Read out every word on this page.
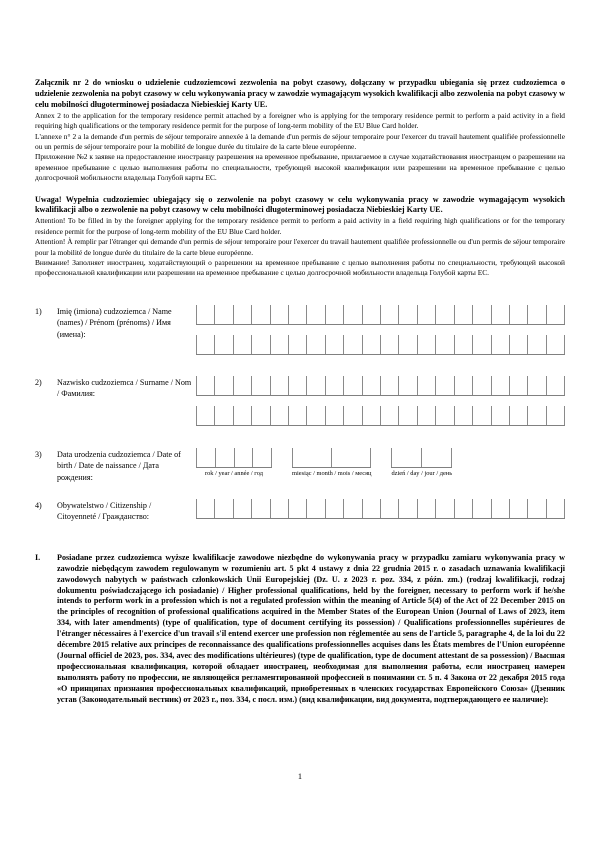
Załącznik nr 2 do wniosku o udzielenie cudzoziemcowi zezwolenia na pobyt czasowy, dołączany w przypadku ubiegania się przez cudzoziemca o udzielenie zezwolenia na pobyt czasowy w celu wykonywania pracy w zawodzie wymagającym wysokich kwalifikacji albo zezwolenia na pobyt czasowy w celu mobilności długoterminowej posiadacza Niebieskiej Karty UE.

Annex 2 to the application for the temporary residence permit attached by a foreigner who is applying for the temporary residence permit to perform a paid activity in a field requiring high qualifications or the temporary residence permit for the purpose of long-term mobility of the EU Blue Card holder.

L'annexe n° 2 a la demande d'un permis de séjour temporaire annexée à la demande d'un permis de séjour temporaire pour l'exercer du travail hautement qualifiée professionnelle ou un permis de séjour temporaire pour la mobilité de longue durée du titulaire de la carte bleue européenne.

Приложение №2 к заявке на предоставление иностранцу разрешения на временное пребывание, прилагаемое в случае ходатайствования иностранцем о разрешении на временное пребывание с целью выполнения работы по специальности, требующей высокой квалификации или разрешении на временное пребывание с целью долгосрочной мобильности владельца Голубой карты ЕС.

Uwaga! Wypełnia cudzoziemiec ubiegający się o zezwolenie na pobyt czasowy w celu wykonywania pracy w zawodzie wymagającym wysokich kwalifikacji albo o zezwolenie na pobyt czasowy w celu mobilności długoterminowej posiadacza Niebieskiej Karty UE.

Attention! To be filled in by the foreigner applying for the temporary residence permit to perform a paid activity in a field requiring high qualifications or for the temporary residence permit for the purpose of long-term mobility of the EU Blue Card holder.

Attention! À remplir par l'étranger qui demande d'un permis de séjour temporaire pour l'exercer du travail hautement qualifiée professionnelle ou d'un permis de séjour temporaire pour la mobilité de longue durée du titulaire de la carte bleue européenne.

Внимание! Заполняет иностранец, ходатайствующий о разрешении на временное пребывание с целью выполнения работы по специальности, требующей высокой профессиональной квалификации или разрешении на временное пребывание с целью долгосрочной мобильности владельца Голубой карты ЕС.

1)	Imię (imiona) cudzoziemca / Name (names) / Prénom (prénoms) / Имя (имена):
2)	Nazwisko cudzoziemca / Surname / Nom / Фамилия:
3)	Data urodzenia cudzoziemca / Date of birth / Date de naissance / Дата рождения:	rok / year / année / год	miesiąc / month / mois / месяц	dzień / day / jour / день
4)	Obywatelstwo / Citizenship / Citoyenneté / Гражданство:
I.	Posiadane przez cudzoziemca wyższe kwalifikacje zawodowe niezbędne do wykonywania pracy w przypadku zamiaru wykonywania pracy w zawodzie niebędącym zawodem regulowanym w rozumieniu art. 5 pkt 4 ustawy z dnia 22 grudnia 2015 r. o zasadach uznawania kwalifikacji zawodowych nabytych w państwach członkowskich Unii Europejskiej (Dz. U. z 2023 r. poz. 334, z późn. zm.) (rodzaj kwalifikacji, rodzaj dokumentu poświadczającego ich posiadanie) / Higher professional qualifications, held by the foreigner, necessary to perform work if he/she intends to perform work in a profession which is not a regulated profession within the meaning of Article 5(4) of the Act of 22 December 2015 on the principles of recognition of professional qualifications acquired in the Member States of the European Union (Journal of Laws of 2023, item 334, with later amendments) (type of qualification, type of document certifying its possession) / Qualifications professionnelles supérieures de l'étranger nécessaires à l'exercice d'un travail s'il entend exercer une profession non réglementée au sens de l'article 5, paragraphe 4, de la loi du 22 décembre 2015 relative aux principes de reconnaissance des qualifications professionnelles acquises dans les États membres de l'Union européenne (Journal officiel de 2023, pos. 334, avec des modifications ultérieures) (type de qualification, type de document attestant de sa possession) / Высшая профессиональная квалификация, которой обладает иностранец, необходимая для выполнения работы, если иностранец намерен выполнять работу по профессии, не являющейся регламентированной профессией в понимании ст. 5 п. 4 Закона от 22 декабря 2015 года «О принципах признания профессиональных квалификаций, приобретенных в членских государствах Европейского Союза» (Дзенник устав (Законодательный вестник) от 2023 г., поз. 334, с посл. изм.) (вид квалификации, вид документа, подтверждающего ее наличие):
1
